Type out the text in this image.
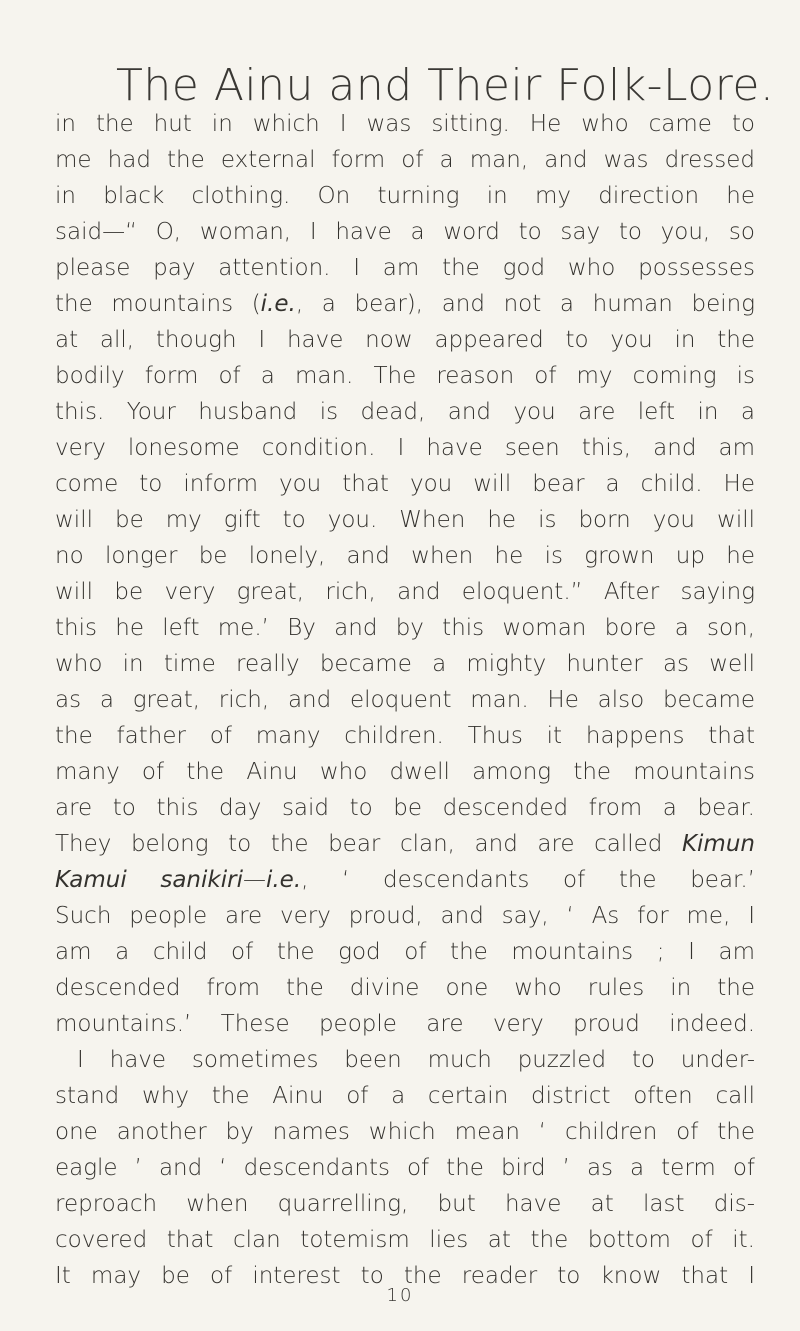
The Ainu and Their Folk-Lore.
in the hut in which I was sitting. He who came to
me had the external form of a man, and was dressed
in black clothing. On turning in my direction he
said—“ O, woman, I have a word to say to you, so
please pay attention. I am the god who possesses
the mountains (i.e., a bear), and not a human being
at all, though I have now appeared to you in the
bodily form of a man. The reason of my coming is
this. Your husband is dead, and you are left in a
very lonesome condition. I have seen this, and am
come to inform you that you will bear a child. He
will be my gift to you. When he is born you will
no longer be lonely, and when he is grown up he
will be very great, rich, and eloquent.” After saying
this he left me.’ By and by this woman bore a son,
who in time really became a mighty hunter as well
as a great, rich, and eloquent man. He also became
the father of many children. Thus it happens that
many of the Ainu who dwell among the mountains
are to this day said to be descended from a bear.
They belong to the bear clan, and are called Kimun
Kamui sanikiri—i.e., ‘ descendants of the bear.’
Such people are very proud, and say, ‘ As for me, I
am a child of the god of the mountains ; I am
descended from the divine one who rules in the
mountains.’ These people are very proud indeed.
I have sometimes been much puzzled to under-
stand why the Ainu of a certain district often call
one another by names which mean ‘ children of the
eagle ’ and ‘ descendants of the bird ’ as a term of
reproach when quarrelling, but have at last dis-
covered that clan totemism lies at the bottom of it.
It may be of interest to the reader to know that I
10
